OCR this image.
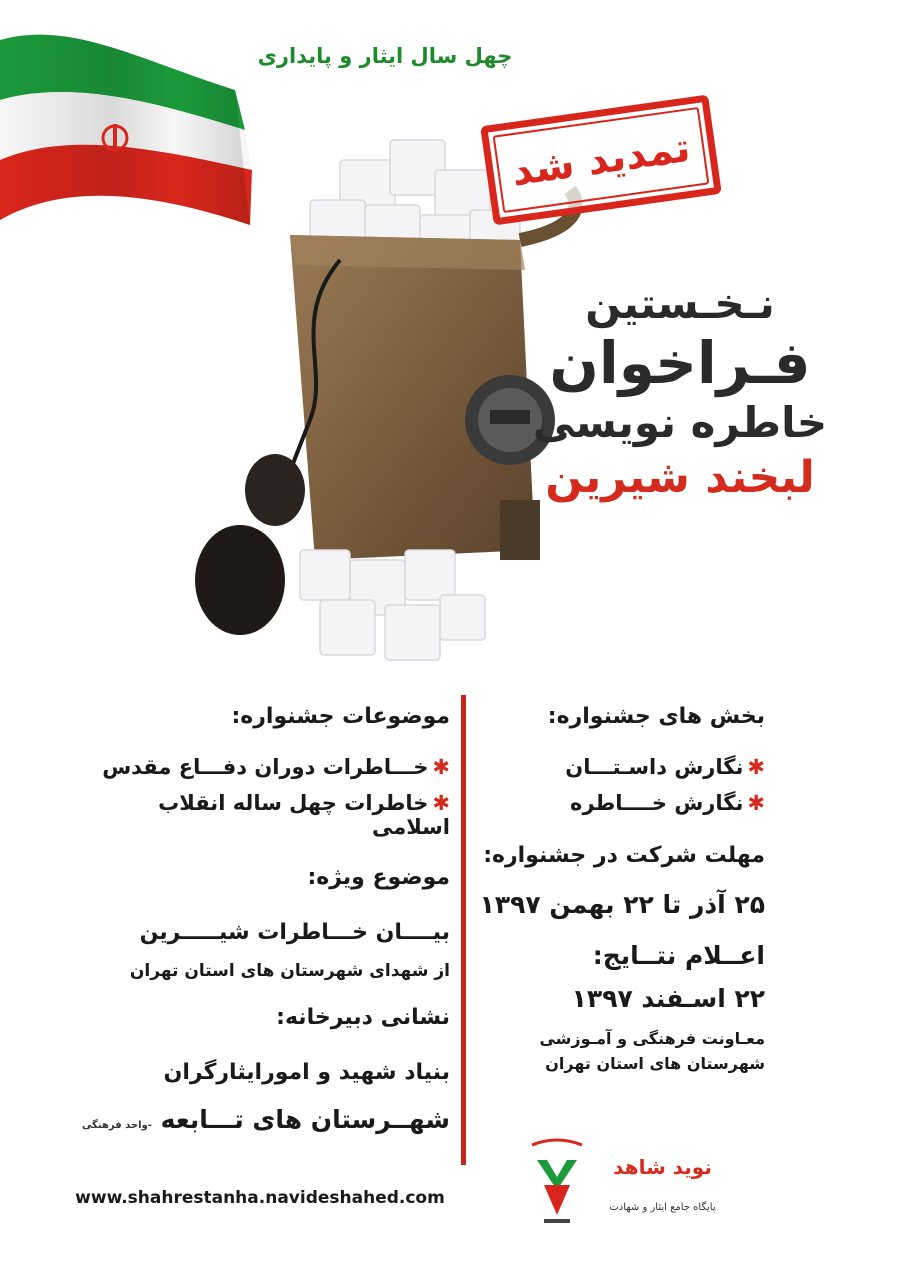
چهل سال ایثار و پایداری
تمدید شد
نـخـستین
فـراخوان
خاطره نویسی
لبخند شیرین
بخش های جشنواره:
✱نگارش داسـتـــان
✱نگارش خــــاطره
مهلت شرکت در جشنواره:
۲۵ آذر تا ۲۲ بهمن ۱۳۹۷
اعــلام نتــایج:
۲۲ اسـفند ۱۳۹۷
معـاونت فرهنگی و آمـوزشی
شهرستان های استان تهران
موضوعات جشنواره:
✱خـــاطرات دوران دفـــاع مقدس
✱خاطرات چهل ساله انقلاب اسلامی
موضوع ویژه:
بیــــان خـــاطرات شیـــــرین
از شهدای شهرستان های استان تهران
نشانی دبیرخانه:
بنیاد شهید و اموراﯾﺜﺎرگران
شهــرستان های تـــابعه -واحد فرهنگی
www.shahrestanha.navideshahed.com
نوید شاهد
پایگاه جامع ایثار و شهادت
